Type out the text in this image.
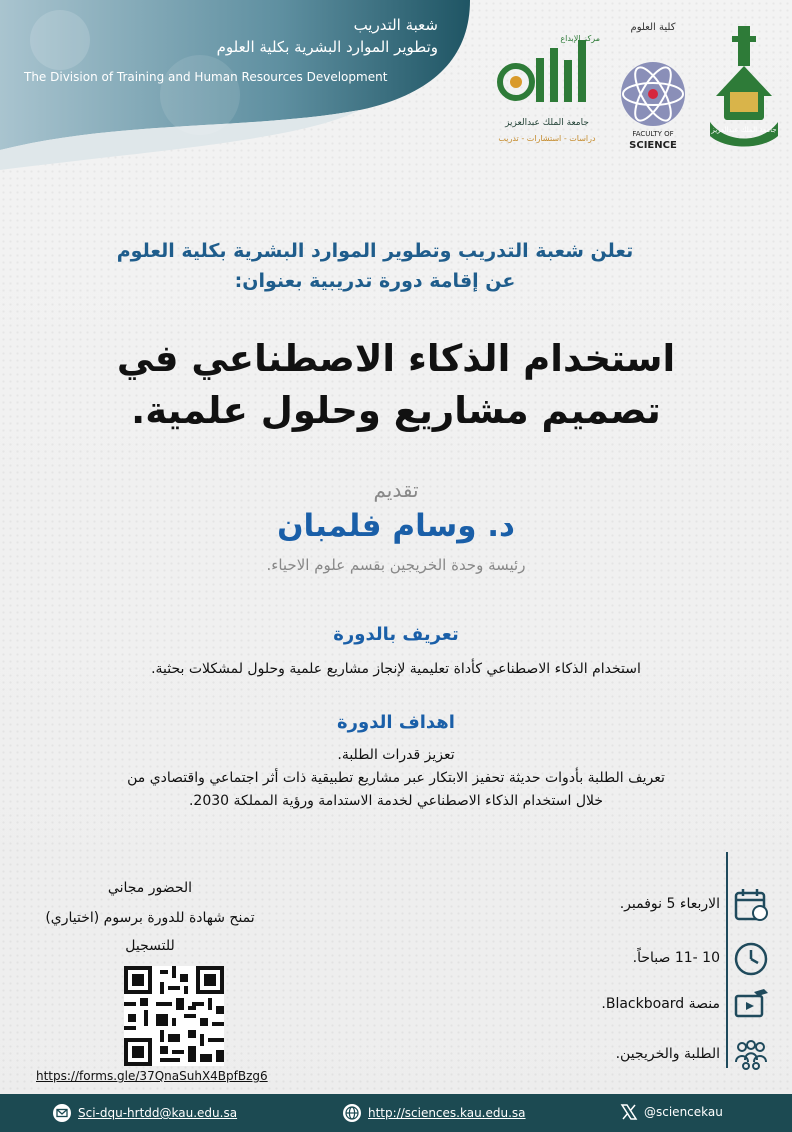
شعبة التدريب
وتطوير الموارد البشرية بكلية العلوم
The Division of Training and Human Resources Development
مركز الإبداع
جامعة الملك عبدالعزيز
دراسات - استشارات - تدريب
كلية العلوم
FACULTY OF
SCIENCE
جامعة الملك عبدالعزيز
تعلن شعبة التدريب وتطوير الموارد البشرية بكلية العلوم
عن إقامة دورة تدريبية بعنوان:
استخدام الذكاء الاصطناعي في
تصميم مشاريع وحلول علمية.
تقديم
د. وسام فلمبان
رئيسة وحدة الخريجين بقسم علوم الاحياء.
تعريف بالدورة
استخدام الذكاء الاصطناعي كأداة تعليمية لإنجاز مشاريع علمية وحلول لمشكلات بحثية.
اهداف الدورة
تعزيز قدرات الطلبة.
تعريف الطلبة بأدوات حديثة تحفيز الابتكار عبر مشاريع تطبيقية ذات أثر اجتماعي واقتصادي من
خلال استخدام الذكاء الاصطناعي لخدمة الاستدامة ورؤية المملكة 2030.
الاربعاء 5 نوفمبر.
10 -11 صباحاً.
منصة Blackboard.
الطلبة والخريجين.
الحضور مجاني
تمنح شهادة للدورة برسوم (اختياري)
للتسجيل
https://forms.gle/37QnaSuhX4BpfBzg6
Sci-dqu-hrtdd@kau.edu.sa	http://sciences.kau.edu.sa	@sciencekau
